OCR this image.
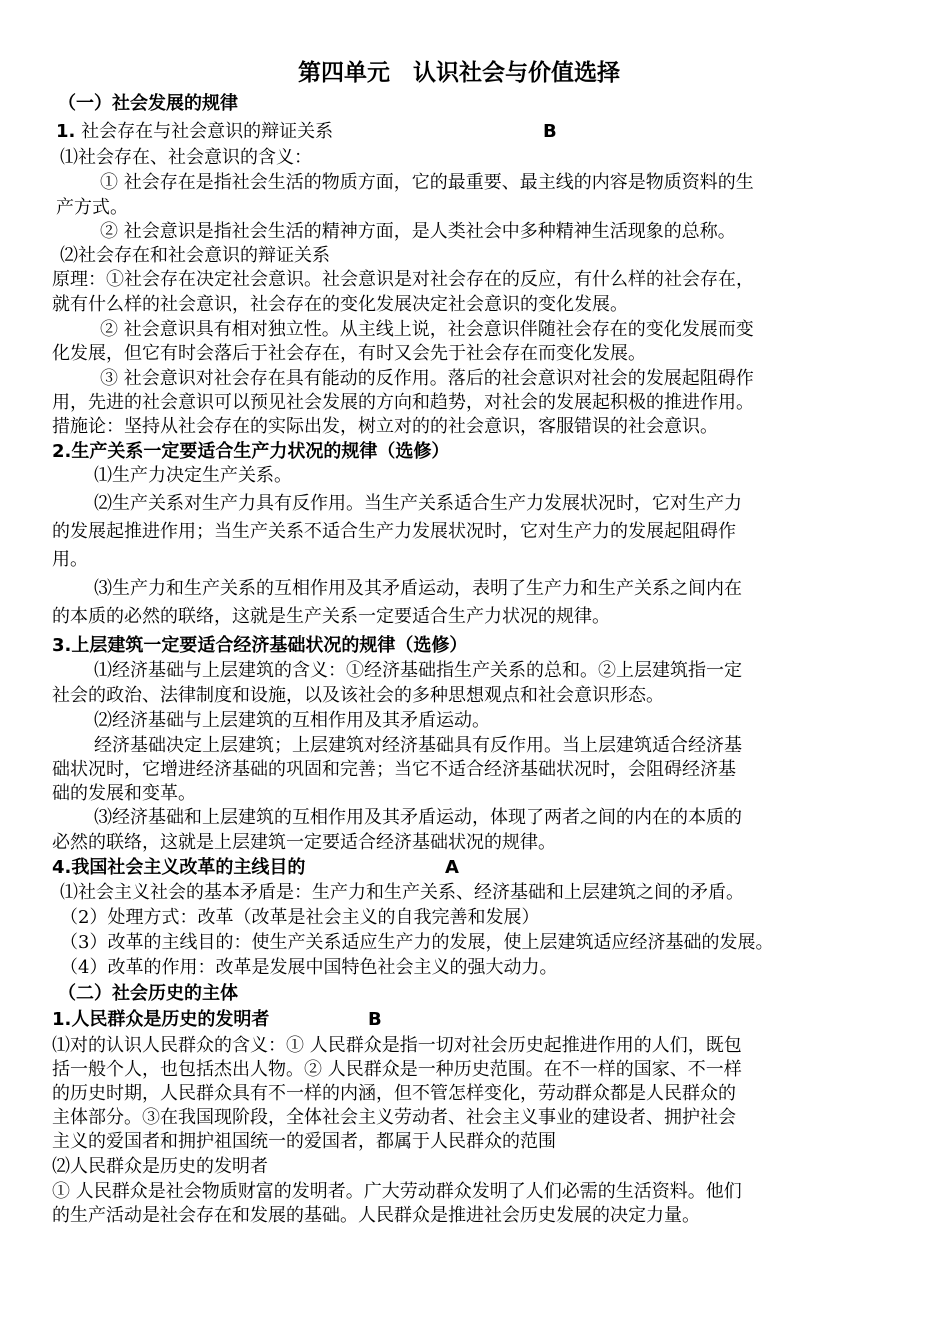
第四单元　认识社会与价值选择
（一）社会发展的规律
1. 社会存在与社会意识的辩证关系	B
⑴社会存在、社会意识的含义：
① 社会存在是指社会生活的物质方面，它的最重要、最主线的内容是物质资料的生
产方式。
② 社会意识是指社会生活的精神方面，是人类社会中多种精神生活现象的总称。
⑵社会存在和社会意识的辩证关系
原理：①社会存在决定社会意识。社会意识是对社会存在的反应，有什么样的社会存在，
就有什么样的社会意识，社会存在的变化发展决定社会意识的变化发展。
② 社会意识具有相对独立性。从主线上说，社会意识伴随社会存在的变化发展而变
化发展，但它有时会落后于社会存在，有时又会先于社会存在而变化发展。
③ 社会意识对社会存在具有能动的反作用。落后的社会意识对社会的发展起阻碍作
用，先进的社会意识可以预见社会发展的方向和趋势，对社会的发展起积极的推进作用。
措施论：坚持从社会存在的实际出发，树立对的的社会意识，客服错误的社会意识。
2.生产关系一定要适合生产力状况的规律（选修）
⑴生产力决定生产关系。
⑵生产关系对生产力具有反作用。当生产关系适合生产力发展状况时，它对生产力
的发展起推进作用；当生产关系不适合生产力发展状况时，它对生产力的发展起阻碍作
用。
⑶生产力和生产关系的互相作用及其矛盾运动，表明了生产力和生产关系之间内在
的本质的必然的联络，这就是生产关系一定要适合生产力状况的规律。
3.上层建筑一定要适合经济基础状况的规律（选修）
⑴经济基础与上层建筑的含义：①经济基础指生产关系的总和。②上层建筑指一定
社会的政治、法律制度和设施，以及该社会的多种思想观点和社会意识形态。
⑵经济基础与上层建筑的互相作用及其矛盾运动。
经济基础决定上层建筑；上层建筑对经济基础具有反作用。当上层建筑适合经济基
础状况时，它增进经济基础的巩固和完善；当它不适合经济基础状况时，会阻碍经济基
础的发展和变革。
⑶经济基础和上层建筑的互相作用及其矛盾运动，体现了两者之间的内在的本质的
必然的联络，这就是上层建筑一定要适合经济基础状况的规律。
4.我国社会主义改革的主线目的	A
⑴社会主义社会的基本矛盾是：生产力和生产关系、经济基础和上层建筑之间的矛盾。
（2）处理方式：改革（改革是社会主义的自我完善和发展）
（3）改革的主线目的：使生产关系适应生产力的发展，使上层建筑适应经济基础的发展。
（4）改革的作用：改革是发展中国特色社会主义的强大动力。
（二）社会历史的主体
1.人民群众是历史的发明者	B
⑴对的认识人民群众的含义：① 人民群众是指一切对社会历史起推进作用的人们，既包
括一般个人，也包括杰出人物。② 人民群众是一种历史范围。在不一样的国家、不一样
的历史时期，人民群众具有不一样的内涵，但不管怎样变化，劳动群众都是人民群众的
主体部分。③在我国现阶段，全体社会主义劳动者、社会主义事业的建设者、拥护社会
主义的爱国者和拥护祖国统一的爱国者，都属于人民群众的范围
⑵人民群众是历史的发明者
① 人民群众是社会物质财富的发明者。广大劳动群众发明了人们必需的生活资料。他们
的生产活动是社会存在和发展的基础。人民群众是推进社会历史发展的决定力量。
